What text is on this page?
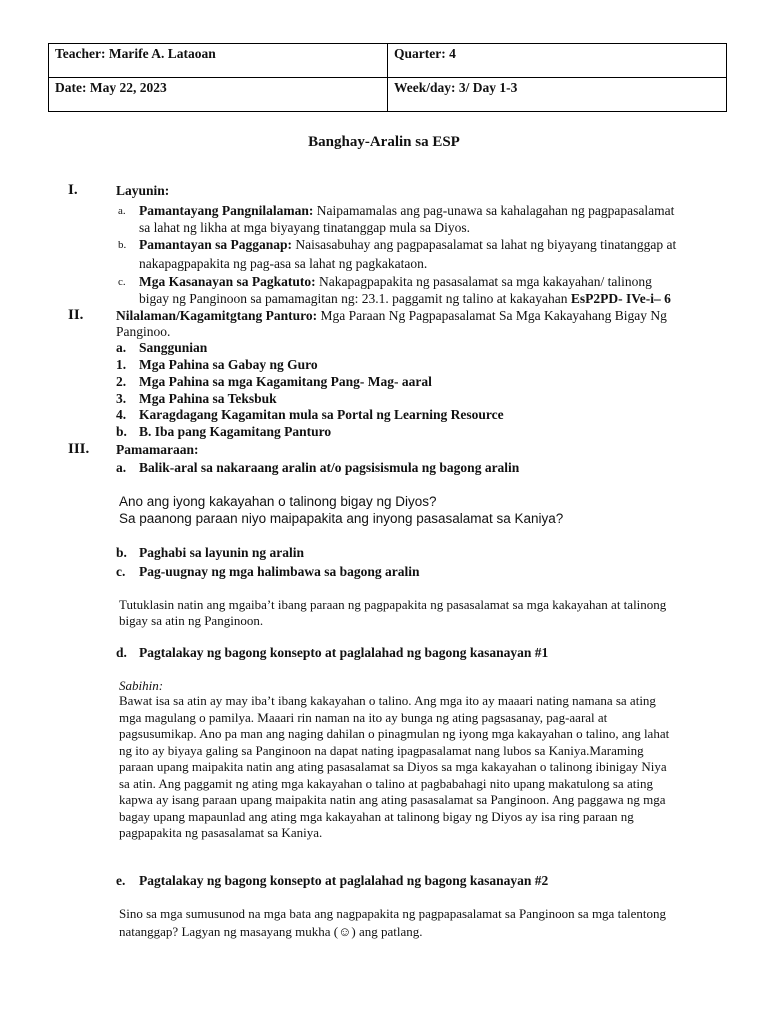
Teacher: Marife A. Lataoan	Quarter: 4
Date: May 22, 2023	Week/day: 3/ Day 1-3
Banghay-Aralin sa ESP
I.	Layunin:
a. Pamantayang Pangnilalaman: Naipamamalas ang pag-unawa sa kahalagahan ng pagpapasalamat
sa lahat ng likha at mga biyayang tinatanggap mula sa Diyos.
b. Pamantayan sa Pagganap: Naisasabuhay ang pagpapasalamat sa lahat ng biyayang tinatanggap at
nakapagpapakita ng pag-asa sa lahat ng pagkakataon.
c. Mga Kasanayan sa Pagkatuto: Nakapagpapakita ng pasasalamat sa mga kakayahan/ talinong
bigay ng Panginoon sa pamamagitan ng: 23.1. paggamit ng talino at kakayahan EsP2PD- IVe-i– 6
II. Nilalaman/Kagamitgtang Panturo: Mga Paraan Ng Pagpapasalamat Sa Mga Kakayahang Bigay Ng
Panginoo.
a. Sanggunian
1. Mga Pahina sa Gabay ng Guro
2. Mga Pahina sa mga Kagamitang Pang- Mag- aaral
3. Mga Pahina sa Teksbuk
4. Karagdagang Kagamitan mula sa Portal ng Learning Resource
b. B. Iba pang Kagamitang Panturo
III. Pamamaraan:
a. Balik-aral sa nakaraang aralin at/o pagsisismula ng bagong aralin
Ano ang iyong kakayahan o talinong bigay ng Diyos?
Sa paanong paraan niyo maipapakita ang inyong pasasalamat sa Kaniya?
b. Paghabi sa layunin ng aralin
c. Pag-uugnay ng mga halimbawa sa bagong aralin
Tutuklasin natin ang mgaiba’t ibang paraan ng pagpapakita ng pasasalamat sa mga kakayahan at talinong
bigay sa atin ng Panginoon.
d. Pagtalakay ng bagong konsepto at paglalahad ng bagong kasanayan #1
Sabihin:
Bawat isa sa atin ay may iba’t ibang kakayahan o talino. Ang mga ito ay maaari nating namana sa ating
mga magulang o pamilya. Maaari rin naman na ito ay bunga ng ating pagsasanay, pag-aaral at
pagsusumikap. Ano pa man ang naging dahilan o pinagmulan ng iyong mga kakayahan o talino, ang lahat
ng ito ay biyaya galing sa Panginoon na dapat nating ipagpasalamat nang lubos sa Kaniya.Maraming
paraan upang maipakita natin ang ating pasasalamat sa Diyos sa mga kakayahan o talinong ibinigay Niya
sa atin. Ang paggamit ng ating mga kakayahan o talino at pagbabahagi nito upang makatulong sa ating
kapwa ay isang paraan upang maipakita natin ang ating pasasalamat sa Panginoon. Ang paggawa ng mga
bagay upang mapaunlad ang ating mga kakayahan at talinong bigay ng Diyos ay isa ring paraan ng
pagpapakita ng pasasalamat sa Kaniya.
e. Pagtalakay ng bagong konsepto at paglalahad ng bagong kasanayan #2
Sino sa mga sumusunod na mga bata ang nagpapakita ng pagpapasalamat sa Panginoon sa mga talentong
natanggap? Lagyan ng masayang mukha (☺) ang patlang.
